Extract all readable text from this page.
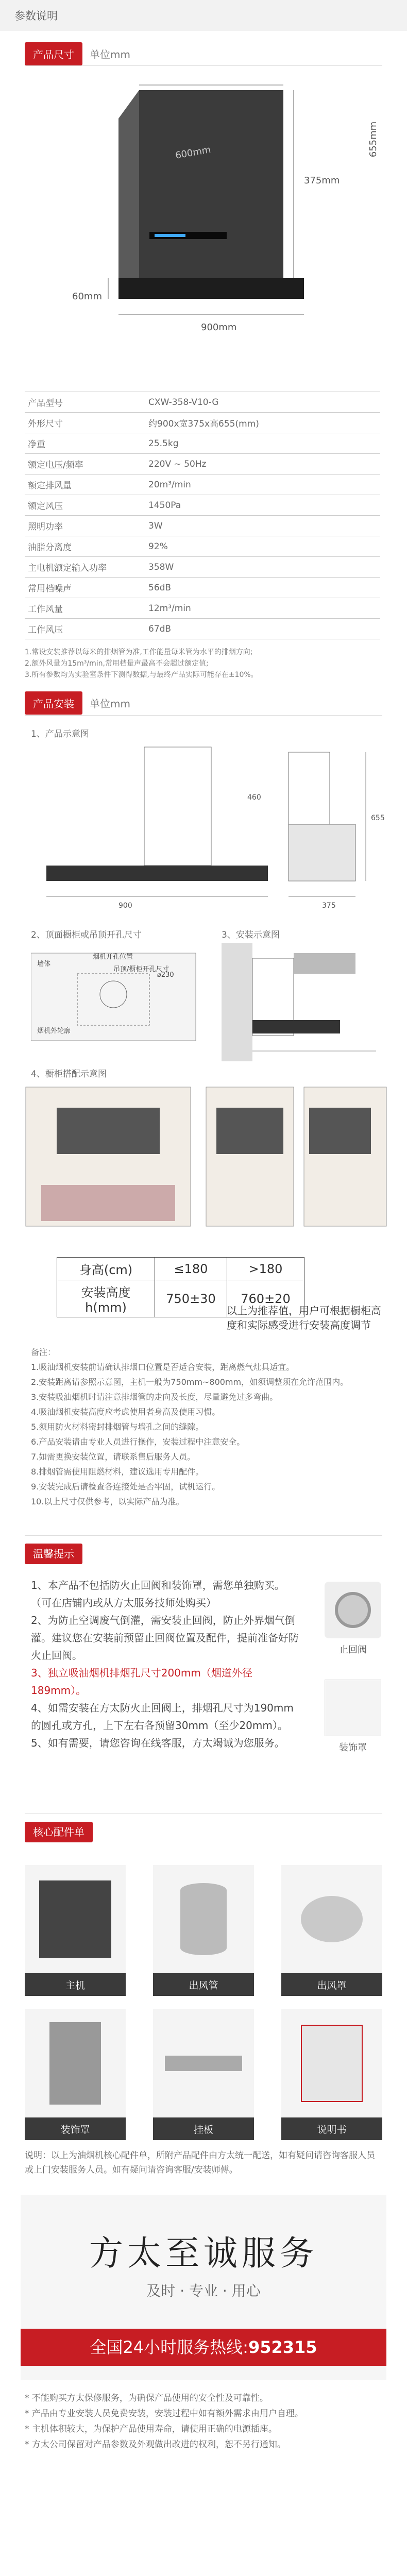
参数说明
产品尺寸	单位mm
600mm
375mm
655mm
60mm
900mm
产品型号	CXW-358-V10-G
外形尺寸	约900x宽375x高655(mm)
净重	25.5kg
额定电压/频率	220V ~ 50Hz
额定排风量	20m³/min
额定风压	1450Pa
照明功率	3W
油脂分离度	92%
主电机额定输入功率	358W
常用档噪声	56dB
工作风量	12m³/min
工作风压	67dB
1.常设安装推荐以每米的排烟管为准,工作能量每米管为水平的排烟方向;
2.额外风量为15m³/min,常用档量声最高不会超过额定值;
3.所有参数均为实验室条件下测得数据,与最终产品实际可能存在±10%。
产品安装	单位mm
1、产品示意图
900	375
655
460
2、顶面橱柜或吊顶开孔尺寸	3、安装示意图
墙体
烟机开孔位置
烟机外轮廓
吊顶/橱柜开孔尺寸
⌀230
4、橱柜搭配示意图
身高(cm)	≤180	>180
安装高度h(mm)	750±30	760±20
以上为推荐值，用户可根据橱柜高度和实际感受进行安装高度调节
备注：
1.吸油烟机安装前请确认排烟口位置是否适合安装，距离燃气灶具适宜。
2.安装距离请参照示意图，主机一般为750mm~800mm，如须调整须在允许范围内。
3.安装吸油烟机时请注意排烟管的走向及长度，尽量避免过多弯曲。
4.吸油烟机安装高度应考虑使用者身高及使用习惯。
5.须用防火材料密封排烟管与墙孔之间的缝隙。
6.产品安装请由专业人员进行操作，安装过程中注意安全。
7.如需更换安装位置，请联系售后服务人员。
8.排烟管需使用阻燃材料，建议选用专用配件。
9.安装完成后请检查各连接处是否牢固，试机运行。
10.以上尺寸仅供参考，以实际产品为准。
温馨提示
1、本产品不包括防火止回阀和装饰罩，需您单独购买。（可在店铺内或从方太服务技师处购买）
2、为防止空调废气倒灌，需安装止回阀，防止外界烟气倒灌。建议您在安装前预留止回阀位置及配件，提前准备好防火止回阀。
3、独立吸油烟机排烟孔尺寸200mm（烟道外径189mm）。
4、如需安装在方太防火止回阀上，排烟孔尺寸为190mm的圆孔或方孔，上下左右各预留30mm（至少20mm）。
5、如有需要，请您咨询在线客服，方太竭诚为您服务。
止回阀
装饰罩
核心配件单
主机	出风管	出风罩
装饰罩	挂板	说明书
说明：以上为油烟机核心配件单，所附产品配件由方太统一配送，如有疑问请咨询客服人员或上门安装服务人员。如有疑问请咨询客服/安装师傅。
方太至诚服务
及时 · 专业 · 用心
全国24小时服务热线:952315
* 不能购买方太保修服务，为确保产品使用的安全性及可靠性。
* 产品由专业安装人员免费安装，安装过程中如有额外需求由用户自理。
* 主机体积较大，为保护产品使用寿命，请使用正确的电源插座。
* 方太公司保留对产品参数及外观做出改进的权利，恕不另行通知。
